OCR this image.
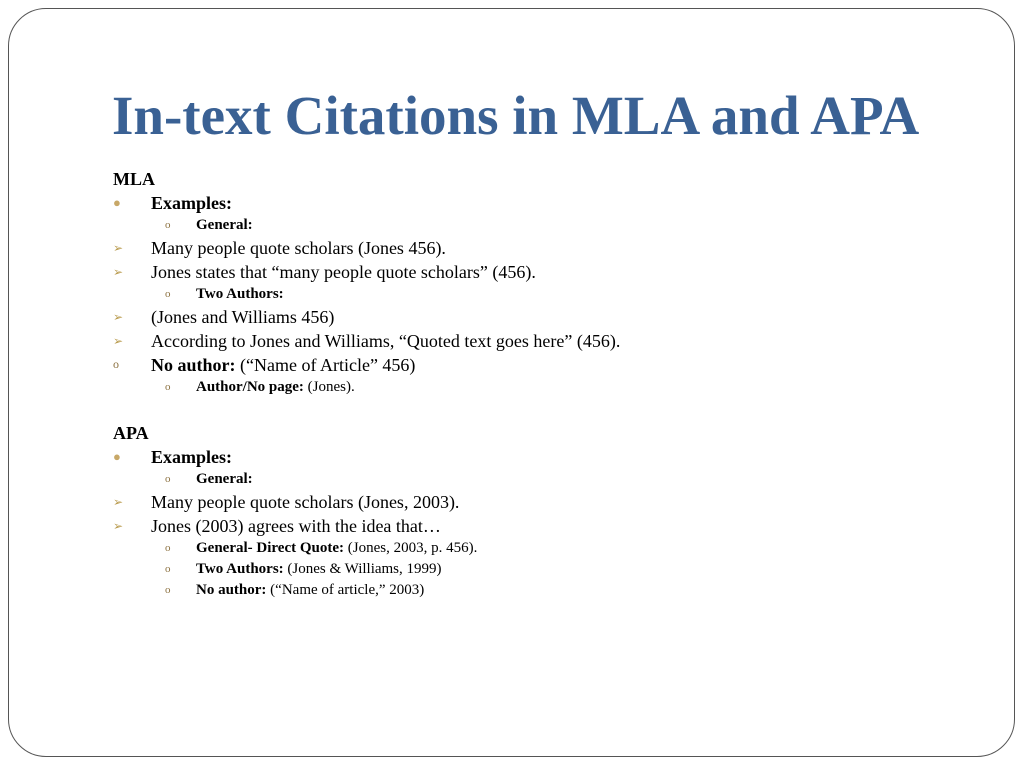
In-text Citations in MLA and APA
MLA
● Examples:
o General:
➢ Many people quote scholars (Jones 456).
➢ Jones states that “many people quote scholars” (456).
o Two Authors:
➢ (Jones and Williams 456)
➢ According to Jones and Williams, “Quoted text goes here” (456).
o No author: (“Name of Article” 456)
o Author/No page: (Jones).
APA
● Examples:
o General:
➢ Many people quote scholars (Jones, 2003).
➢ Jones (2003) agrees with the idea that…
o General- Direct Quote: (Jones, 2003, p. 456).
o Two Authors: (Jones & Williams, 1999)
o No author: (“Name of article,” 2003)
